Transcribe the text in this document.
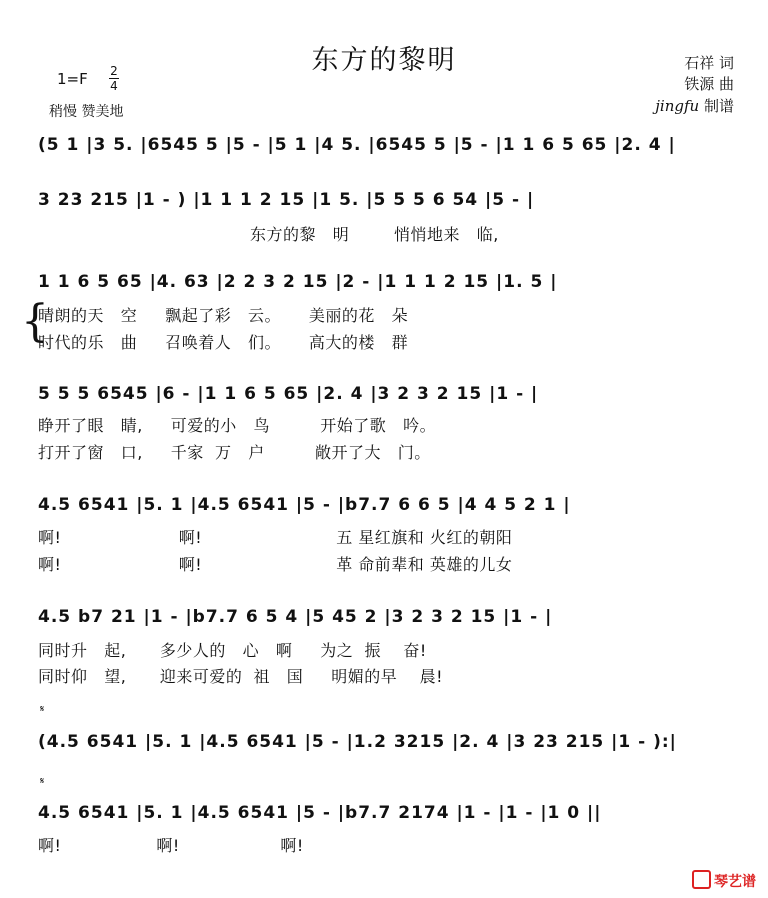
东方的黎明
1=F 2
4
稍慢 赞美地
石祥 词
铁源 曲
jingfu 制谱
(5 1 |3 5. |6545 5 |5 - |5 1 |4 5. |6545 5 |5 - |1 1 6 5 65 |2. 4 |
3 23 215 |1 - ) |1 1 1 2 15 |1 5. |5 5 5 6 54 |5 - |
东方的黎   明        悄悄地来   临,
1 1 6 5 65 |4. 63 |2 2 3 2 15 |2 - |1 1 1 2 15 |1. 5 |
{
晴朗的天   空     飘起了彩   云。     美丽的花   朵
时代的乐   曲     召唤着人   们。     高大的楼   群
5 5 5 6545 |6 - |1 1 6 5 65 |2. 4 |3 2 3 2 15 |1 - |
睁开了眼   睛,     可爱的小   鸟         开始了歌   吟。
打开了窗   口,     千家  万   户         敞开了大   门。
4.5 6541 |5. 1 |4.5 6541 |5 - |b7.7 6 6 5 |4 4 5 2 1 |
啊!                     啊!                        五 星红旗和 火红的朝阳
啊!                     啊!                        革 命前辈和 英雄的儿女
4.5 b7 21 |1 - |b7.7 6 5 4 |5 45 2 |3 2 3 2 15 |1 - |
同时升   起,      多少人的   心   啊     为之  振    奋!
同时仰   望,      迎来可爱的  祖   国     明媚的早    晨!
𝄋
(4.5 6541 |5. 1 |4.5 6541 |5 - |1.2 3215 |2. 4 |3 23 215 |1 - ):|
𝄋
4.5 6541 |5. 1 |4.5 6541 |5 - |b7.7 2174 |1 - |1 - |1 0 ||
啊!                 啊!                  啊!
琴艺谱
